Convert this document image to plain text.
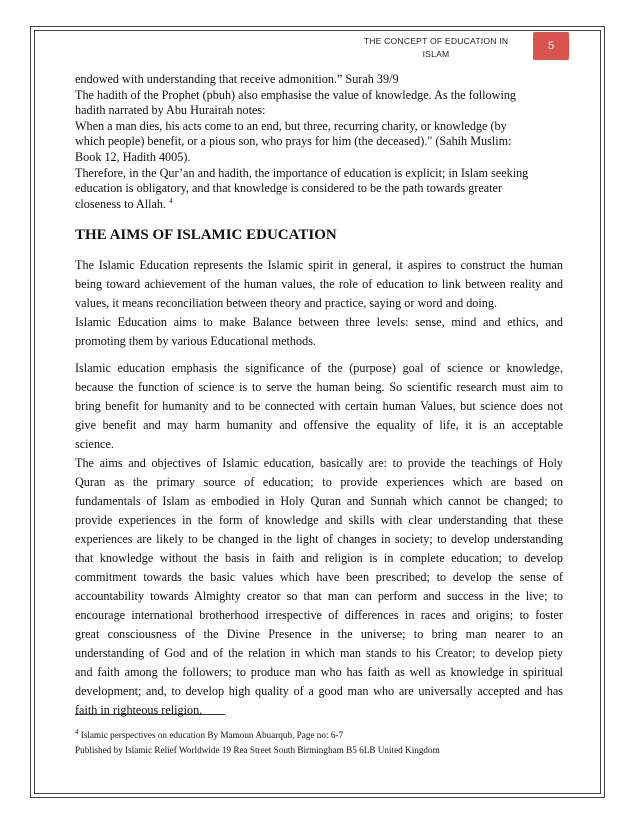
THE CONCEPT OF EDUCATION IN
ISLAM
5
endowed with understanding that receive admonition.” Surah 39/9
The hadith of the Prophet (pbuh) also emphasise the value of knowledge. As the following
hadith narrated by Abu Hurairah notes:
When a man dies, his acts come to an end, but three, recurring charity, or knowledge (by
which people) benefit, or a pious son, who prays for him (the deceased)." (Sahih Muslim:
Book 12, Hadith 4005).
Therefore, in the Qur’an and hadith, the importance of education is explicit; in Islam seeking
education is obligatory, and that knowledge is considered to be the path towards greater
closeness to Allah. $^4$
THE AIMS OF ISLAMIC EDUCATION
The Islamic Education represents the Islamic spirit in general, it aspires to construct the human
being toward achievement of the human values, the role of education to link between reality and
values, it means reconciliation between theory and practice, saying or word and doing.
Islamic Education aims to make Balance between three levels: sense, mind and ethics, and
promoting them by various Educational methods.
Islamic education emphasis the significance of the (purpose) goal of science or knowledge,
because the function of science is to serve the human being. So scientific research must aim to
bring benefit for humanity and to be connected with certain human Values, but science does not
give benefit and may harm humanity and offensive the equality of life, it is an acceptable
science.
The aims and objectives of Islamic education, basically are: to provide the teachings of Holy
Quran as the primary source of education; to provide experiences which are based on
fundamentals of Islam as embodied in Holy Quran and Sunnah which cannot be changed; to
provide experiences in the form of knowledge and skills with clear understanding that these
experiences are likely to be changed in the light of changes in society; to develop understanding
that knowledge without the basis in faith and religion is in complete education; to develop
commitment towards the basic values which have been prescribed; to develop the sense of
accountability towards Almighty creator so that man can perform and success in the live; to
encourage international brotherhood irrespective of differences in races and origins; to foster
great consciousness of the Divine Presence in the universe; to bring man nearer to an
understanding of God and of the relation in which man stands to his Creator; to develop piety
and faith among the followers; to produce man who has faith as well as knowledge in spiritual
development; and, to develop high quality of a good man who are universally accepted and has
faith in righteous religion.
$^4$ Islamic perspectives on education By Mamoun Abuarqub, Page no: 6-7
Published by Islamic Relief Worldwide 19 Rea Street South Birmingham B5 6LB United Kingdom
